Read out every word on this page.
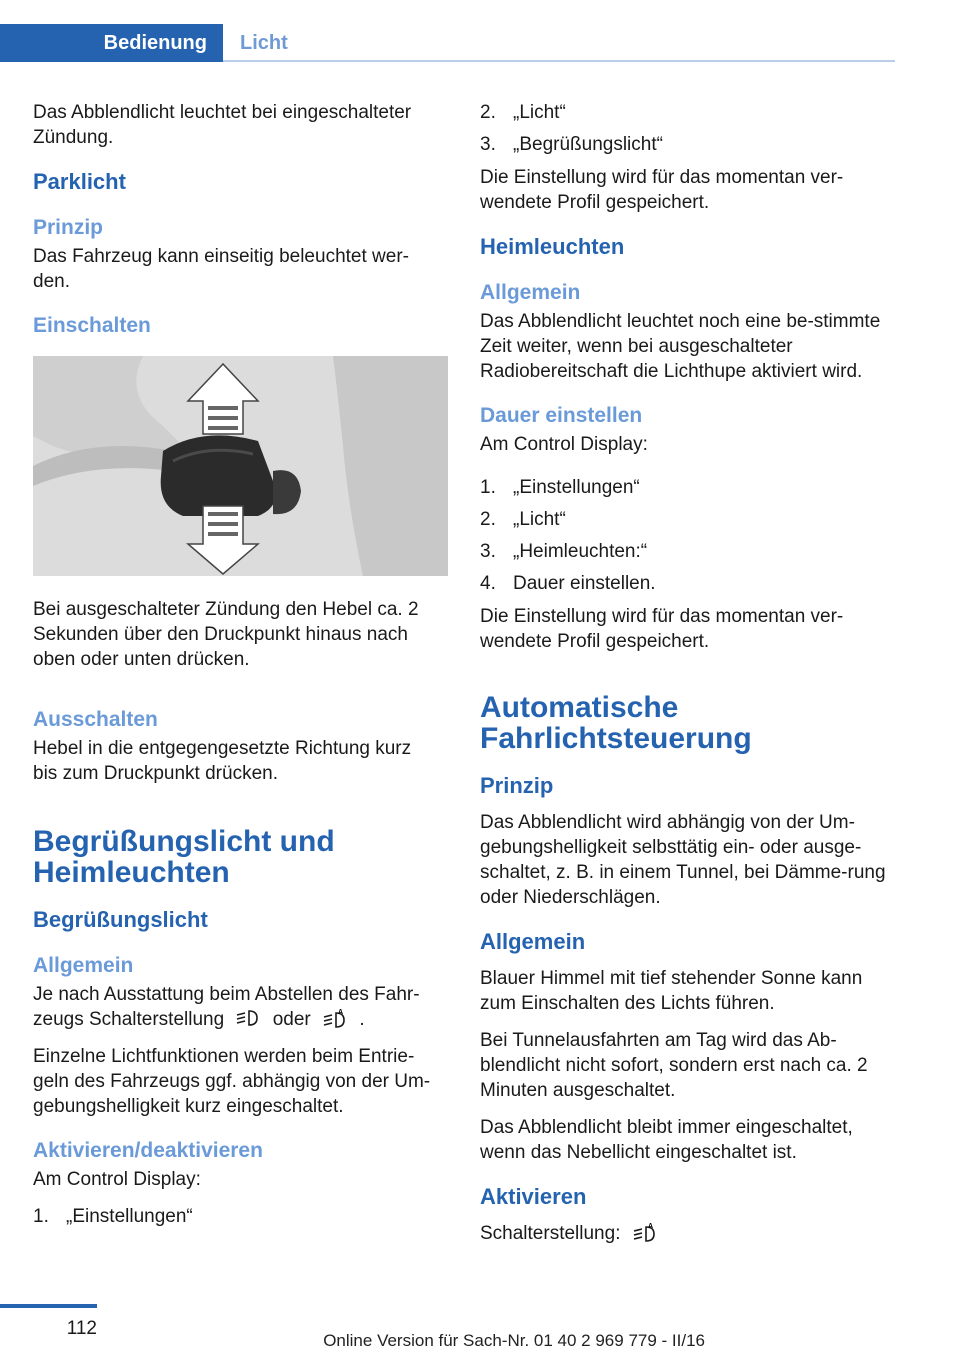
Bedienung	Licht

Das Abblendlicht leuchtet bei eingeschalteter Zündung.

Parklicht
Prinzip

Das Fahrzeug kann einseitig beleuchtet wer-den.

Einschalten

Bei ausgeschalteter Zündung den Hebel ca. 2 Sekunden über den Druckpunkt hinaus nach oben oder unten drücken.

Ausschalten

Hebel in die entgegengesetzte Richtung kurz bis zum Druckpunkt drücken.

Begrüßungslicht und
Heimleuchten
Begrüßungslicht
Allgemein

Je nach Ausstattung beim Abstellen des Fahr-zeugs Schalterstellung	oder	A .

Einzelne Lichtfunktionen werden beim Entrie-geln des Fahrzeugs ggf. abhängig von der Um-gebungshelligkeit kurz eingeschaltet.

Aktivieren/deaktivieren

Am Control Display:

1. „Einstellungen“
2. „Licht“
3. „Begrüßungslicht“

Die Einstellung wird für das momentan ver-wendete Profil gespeichert.

Heimleuchten
Allgemein

Das Abblendlicht leuchtet noch eine be-stimmte Zeit weiter, wenn bei ausgeschalteter Radiobereitschaft die Lichthupe aktiviert wird.

Dauer einstellen

Am Control Display:

1. „Einstellungen“
2. „Licht“
3. „Heimleuchten:“
4. Dauer einstellen.

Die Einstellung wird für das momentan ver-wendete Profil gespeichert.

Automatische
Fahrlichtsteuerung
Prinzip

Das Abblendlicht wird abhängig von der Um-gebungshelligkeit selbsttätig ein- oder ausge-schaltet, z. B. in einem Tunnel, bei Dämme-rung oder Niederschlägen.

Allgemein

Blauer Himmel mit tief stehender Sonne kann zum Einschalten des Lichts führen.

Bei Tunnelausfahrten am Tag wird das Ab-blendlicht nicht sofort, sondern erst nach ca. 2 Minuten ausgeschaltet.

Das Abblendlicht bleibt immer eingeschaltet, wenn das Nebellicht eingeschaltet ist.

Aktivieren

Schalterstellung:	A

112
Online Version für Sach-Nr. 01 40 2 969 779 - II/16
